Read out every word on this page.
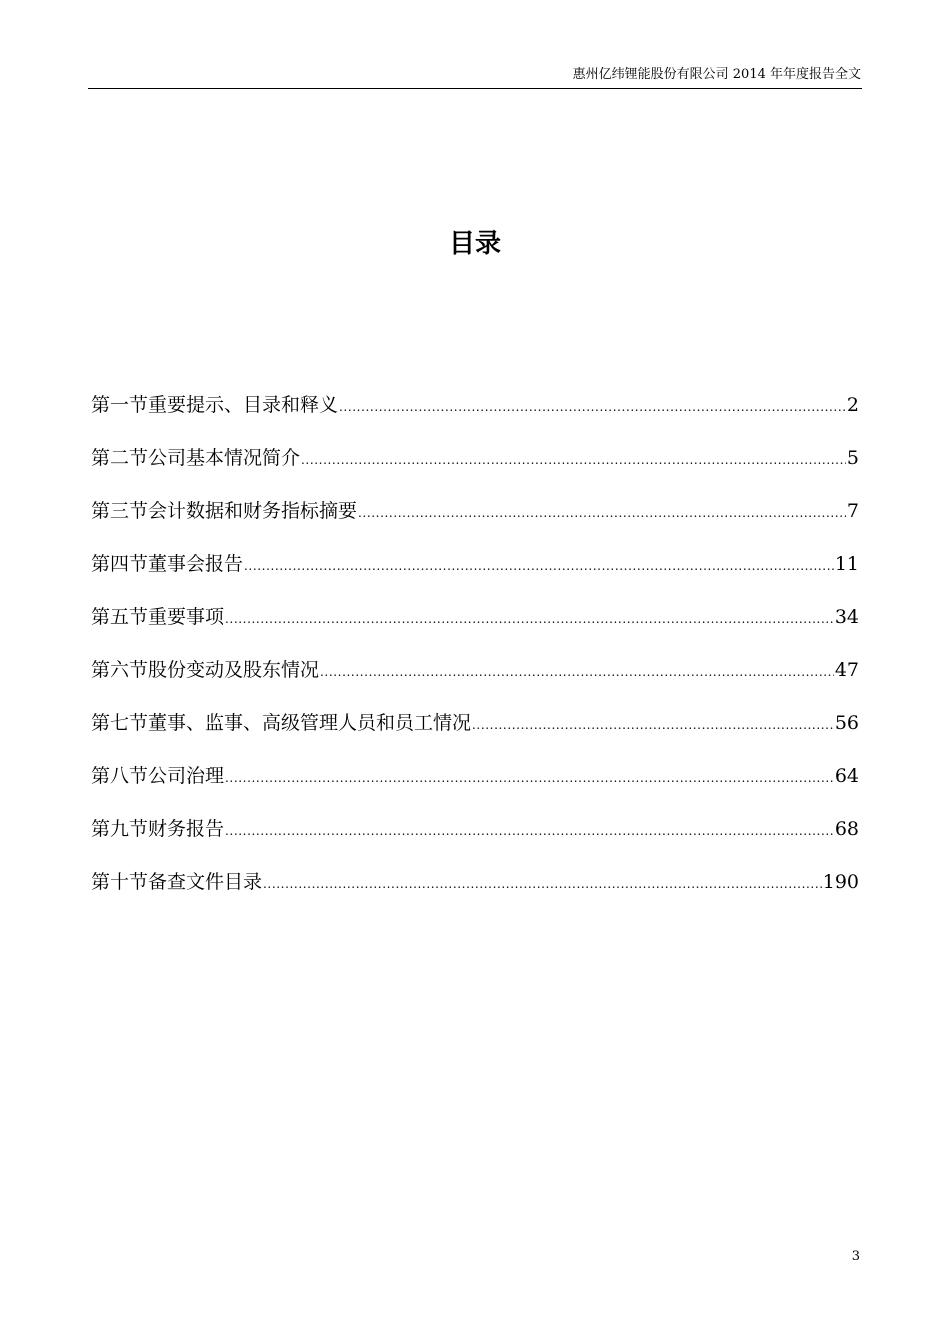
惠州亿纬锂能股份有限公司 2014 年年度报告全文
目录
第一节重要提示、目录和释义 .....	2
第二节公司基本情况简介 .....	5
第三节会计数据和财务指标摘要 .....	7
第四节董事会报告 .....	11
第五节重要事项 .....	34
第六节股份变动及股东情况 .....	47
第七节董事、监事、高级管理人员和员工情况 .....	56
第八节公司治理 .....	64
第九节财务报告 .....	68
第十节备查文件目录 .....	190
3
